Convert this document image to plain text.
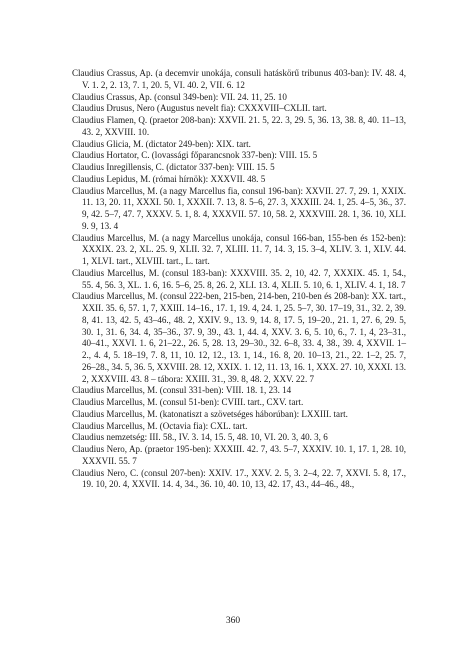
Claudius Crassus, Ap. (a decemvir unokája, consuli hatáskörű tribunus 403-ban): IV. 48. 4, V. 1. 2, 2. 13, 7. 1, 20. 5, VI. 40. 2, VII. 6. 12

Claudius Crassus, Ap. (consul 349-ben): VII. 24. 11, 25. 10

Claudius Drusus, Nero (Augustus nevelt fia): CXXXVIII–CXLII. tart.

Claudius Flamen, Q. (praetor 208-ban): XXVII. 21. 5, 22. 3, 29. 5, 36. 13, 38. 8, 40. 11–13, 43. 2, XXVIII. 10.

Claudius Glicia, M. (dictator 249-ben): XIX. tart.

Claudius Hortator, C. (lovassági főparancsnok 337-ben): VIII. 15. 5

Claudius Inregillensis, C. (dictator 337-ben): VIII. 15. 5

Claudius Lepidus, M. (római hírnök): XXXVII. 48. 5

Claudius Marcellus, M. (a nagy Marcellus fia, consul 196-ban): XXVII. 27. 7, 29. 1, XXIX. 11. 13, 20. 11, XXXI. 50. 1, XXXII. 7. 13, 8. 5–6, 27. 3, XXXIII. 24. 1, 25. 4–5, 36., 37. 9, 42. 5–7, 47. 7, XXXV. 5. 1, 8. 4, XXXVII. 57. 10, 58. 2, XXXVIII. 28. 1, 36. 10, XLI. 9. 9, 13. 4

Claudius Marcellus, M. (a nagy Marcellus unokája, consul 166-ban, 155-ben és 152-ben): XXXIX. 23. 2, XL. 25. 9, XLII. 32. 7, XLIII. 11. 7, 14. 3, 15. 3–4, XLIV. 3. 1, XLV. 44. 1, XLVI. tart., XLVIII. tart., L. tart.

Claudius Marcellus, M. (consul 183-ban): XXXVIII. 35. 2, 10, 42. 7, XXXIX. 45. 1, 54., 55. 4, 56. 3, XL. 1. 6, 16. 5–6, 25. 8, 26. 2, XLI. 13. 4, XLII. 5. 10, 6. 1, XLIV. 4. 1, 18. 7

Claudius Marcellus, M. (consul 222-ben, 215-ben, 214-ben, 210-ben és 208-ban): XX. tart., XXII. 35. 6, 57. 1, 7, XXIII. 14–16., 17. 1, 19. 4, 24. 1, 25. 5–7, 30. 17–19, 31., 32. 2, 39. 8, 41. 13, 42. 5, 43–46., 48. 2, XXIV. 9., 13. 9, 14. 8, 17. 5, 19–20., 21. 1, 27. 6, 29. 5, 30. 1, 31. 6, 34. 4, 35–36., 37. 9, 39., 43. 1, 44. 4, XXV. 3. 6, 5. 10, 6., 7. 1, 4, 23–31., 40–41., XXVI. 1. 6, 21–22., 26. 5, 28. 13, 29–30., 32. 6–8, 33. 4, 38., 39. 4, XXVII. 1–2., 4. 4, 5. 18–19, 7. 8, 11, 10. 12, 12., 13. 1, 14., 16. 8, 20. 10–13, 21., 22. 1–2, 25. 7, 26–28., 34. 5, 36. 5, XXVIII. 28. 12, XXIX. 1. 12, 11. 13, 16. 1, XXX. 27. 10, XXXI. 13. 2, XXXVIII. 43. 8 – tábora: XXIII. 31., 39. 8, 48. 2, XXV. 22. 7

Claudius Marcellus, M. (consul 331-ben): VIII. 18. 1, 23. 14

Claudius Marcellus, M. (consul 51-ben): CVIII. tart., CXV. tart.

Claudius Marcellus, M. (katonatiszt a szövetséges háborúban): LXXIII. tart.

Claudius Marcellus, M. (Octavia fia): CXL. tart.

Claudius nemzetség: III. 58., IV. 3. 14, 15. 5, 48. 10, VI. 20. 3, 40. 3, 6

Claudius Nero, Ap. (praetor 195-ben): XXXIII. 42. 7, 43. 5–7, XXXIV. 10. 1, 17. 1, 28. 10, XXXVII. 55. 7

Claudius Nero, C. (consul 207-ben): XXIV. 17., XXV. 2. 5, 3. 2–4, 22. 7, XXVI. 5. 8, 17., 19. 10, 20. 4, XXVII. 14. 4, 34., 36. 10, 40. 10, 13, 42. 17, 43., 44–46., 48.,

360
